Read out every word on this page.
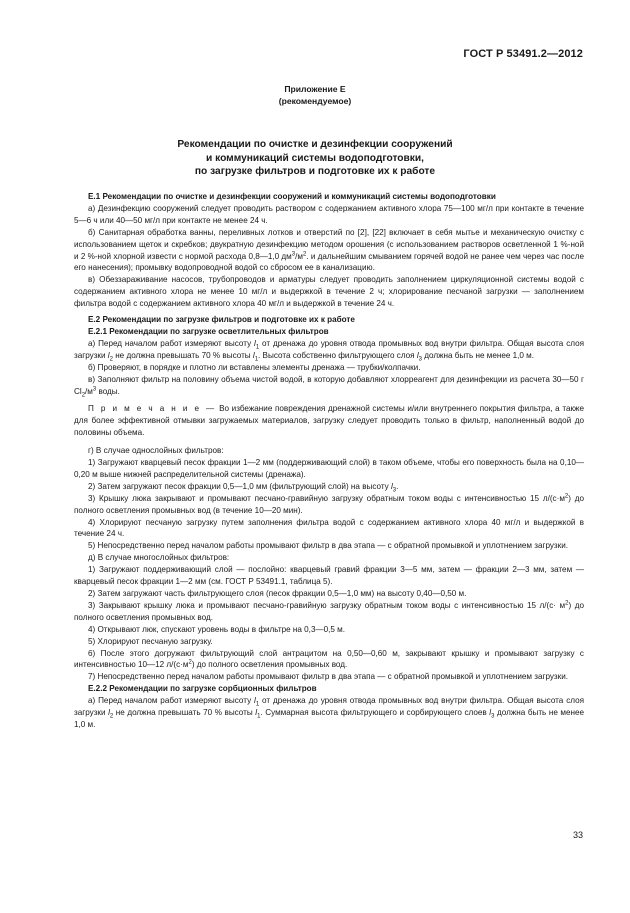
ГОСТ Р 53491.2—2012
Приложение Е
(рекомендуемое)
Рекомендации по очистке и дезинфекции сооружений
и коммуникаций системы водоподготовки,
по загрузке фильтров и подготовке их к работе

Е.1 Рекомендации по очистке и дезинфекции сооружений и коммуникаций системы водоподготовки

а) Дезинфекцию сооружений следует проводить раствором с содержанием активного хлора 75—100 мг/л при контакте в течение 5—6 ч или 40—50 мг/л при контакте не менее 24 ч.

б) Санитарная обработка ванны, переливных лотков и отверстий по [2], [22] включает в себя мытье и механическую очистку с использованием щеток и скребков; двукратную дезинфекцию методом орошения (с использованием растворов осветленной 1 %-ной и 2 %-ной хлорной извести с нормой расхода 0,8—1,0 $дм^3/м^2$. и дальнейшим смыванием горячей водой не ранее чем через час после его нанесения); промывку водопроводной водой со сбросом ее в канализацию.

в) Обеззараживание насосов, трубопроводов и арматуры следует проводить заполнением циркуляционной системы водой с содержанием активного хлора не менее 10 мг/л и выдержкой в течение 2 ч; хлорирование песчаной загрузки — заполнением фильтра водой с содержанием активного хлора 40 мг/л и выдержкой в течение 24 ч.

Е.2 Рекомендации по загрузке фильтров и подготовке их к работе

Е.2.1 Рекомендации по загрузке осветлительных фильтров

а) Перед началом работ измеряют высоту $l_1$ от дренажа до уровня отвода промывных вод внутри фильтра. Общая высота слоя загрузки $l_2$ не должна превышать 70 % высоты $l_1$. Высота собственно фильтрующего слоя $l_3$ должна быть не менее 1,0 м.

б) Проверяют, в порядке и плотно ли вставлены элементы дренажа — трубки/колпачки.

в) Заполняют фильтр на половину объема чистой водой, в которую добавляют хлорреагент для дезинфекции из расчета 30—50 г $Cl_2/м^3$ воды.

П р и м е ч а н и е — Во избежание повреждения дренажной системы и/или внутреннего покрытия фильтра, а также для более эффективной отмывки загружаемых материалов, загрузку следует проводить только в фильтр, наполненный водой до половины объема.

г) В случае однослойных фильтров:

1) Загружают кварцевый песок фракции 1—2 мм (поддерживающий слой) в таком объеме, чтобы его поверхность была на 0,10—0,20 м выше нижней распределительной системы (дренажа).

2) Затем загружают песок фракции 0,5—1,0 мм (фильтрующий слой) на высоту $l_3$.

3) Крышку люка закрывают и промывают песчано-гравийную загрузку обратным током воды с интенсивностью 15 $л/(с\cdot м^2)$ до полного осветления промывных вод (в течение 10—20 мин).

4) Хлорируют песчаную загрузку путем заполнения фильтра водой с содержанием активного хлора 40 мг/л и выдержкой в течение 24 ч.

5) Непосредственно перед началом работы промывают фильтр в два этапа — с обратной промывкой и уплотнением загрузки.

д) В случае многослойных фильтров:

1) Загружают поддерживающий слой — послойно: кварцевый гравий фракции 3—5 мм, затем — фракции 2—3 мм, затем — кварцевый песок фракции 1—2 мм (см. ГОСТ Р 53491.1, таблица 5).

2) Затем загружают часть фильтрующего слоя (песок фракции 0,5—1,0 мм) на высоту 0,40—0,50 м.

3) Закрывают крышку люка и промывают песчано-гравийную загрузку обратным током воды с интенсивностью 15 $л/(с\cdot м^2)$ до полного осветления промывных вод.

4) Открывают люк, спускают уровень воды в фильтре на 0,3—0,5 м.

5) Хлорируют песчаную загрузку.

6) После этого догружают фильтрующий слой антрацитом на 0,50—0,60 м, закрывают крышку и промывают загрузку с интенсивностью 10—12 $л/(с\cdot м^2)$ до полного осветления промывных вод.

7) Непосредственно перед началом работы промывают фильтр в два этапа — с обратной промывкой и уплотнением загрузки.

Е.2.2 Рекомендации по загрузке сорбционных фильтров

а) Перед началом работ измеряют высоту $l_1$ от дренажа до уровня отвода промывных вод внутри фильтра. Общая высота слоя загрузки $l_2$ не должна превышать 70 % высоты $l_1$. Суммарная высота фильтрующего и сорбирующего слоев $l_3$ должна быть не менее 1,0 м.

33
